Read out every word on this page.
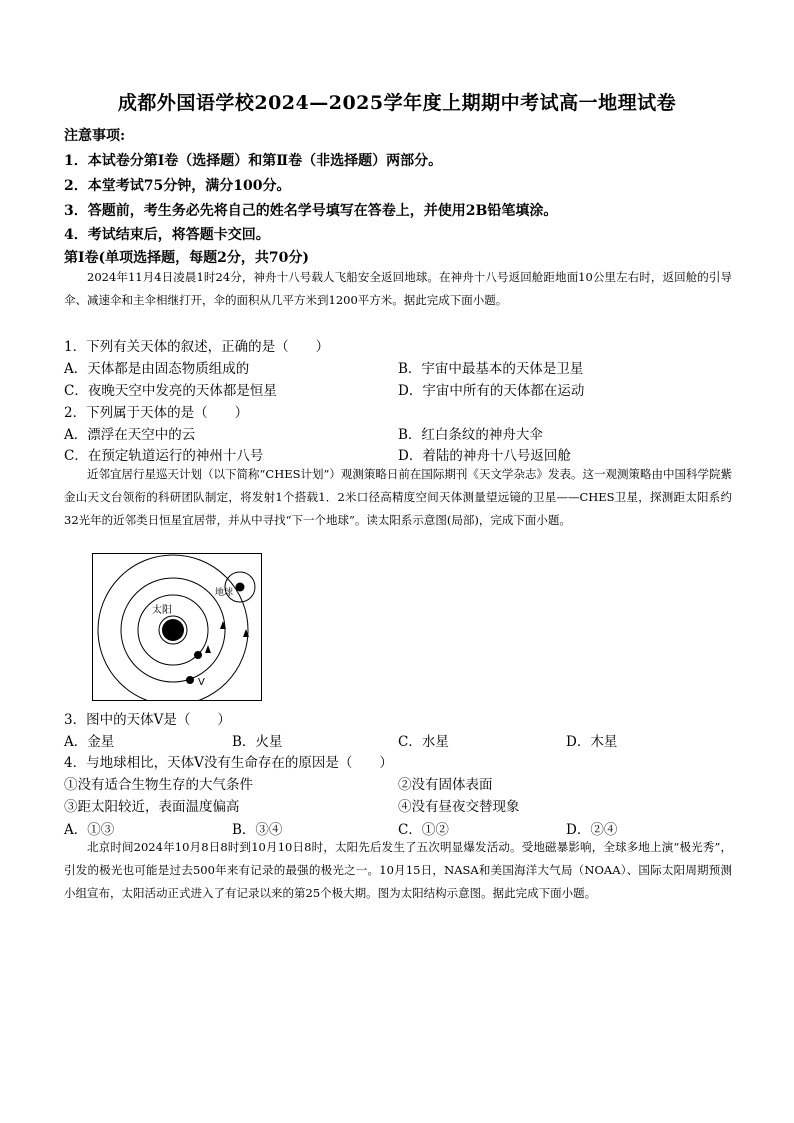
成都外国语学校2024—2025学年度上期期中考试高一地理试卷
注意事项:
1．本试卷分第Ⅰ卷（选择题）和第Ⅱ卷（非选择题）两部分。
2．本堂考试75分钟，满分100分。
3．答题前，考生务必先将自己的姓名学号填写在答卷上，并使用2B铅笔填涂。
4．考试结束后，将答题卡交回。
第Ⅰ卷(单项选择题，每题2分，共70分)
2024年11月4日凌晨1时24分，神舟十八号载人飞船安全返回地球。在神舟十八号返回舱距地面10公里左右时，返回舱的引导伞、减速伞和主伞相继打开，伞的面积从几平方米到1200平方米。据此完成下面小题。
1．下列有关天体的叙述，正确的是（　　）
A．天体都是由固态物质组成的	B．宇宙中最基本的天体是卫星
C．夜晚天空中发亮的天体都是恒星	D．宇宙中所有的天体都在运动
2．下列属于天体的是（　　）
A．漂浮在天空中的云	B．红白条纹的神舟大伞
C．在预定轨道运行的神州十八号	D．着陆的神舟十八号返回舱
近邻宜居行星巡天计划（以下简称“CHES计划”）观测策略日前在国际期刊《天文学杂志》发表。这一观测策略由中国科学院紫金山天文台领衔的科研团队制定，将发射1个搭载1．2米口径高精度空间天体测量望远镜的卫星——CHES卫星，探测距太阳系约32光年的近邻类日恒星宜居带，并从中寻找“下一个地球”。读太阳系示意图(局部)，完成下面小题。
太阳
地球
V
3．图中的天体Ⅴ是（　　）
A．金星	B．火星	C．水星	D．木星
4．与地球相比，天体Ⅴ没有生命存在的原因是（　　）
①没有适合生物生存的大气条件	②没有固体表面
③距太阳较近，表面温度偏高	④没有昼夜交替现象
A．①③	B．③④	C．①②	D．②④
北京时间2024年10月8日8时到10月10日8时，太阳先后发生了五次明显爆发活动。受地磁暴影响，全球多地上演“极光秀”，引发的极光也可能是过去500年来有记录的最强的极光之一。10月15日，NASA和美国海洋大气局（NOAA）、国际太阳周期预测小组宣布，太阳活动正式进入了有记录以来的第25个极大期。图为太阳结构示意图。据此完成下面小题。
